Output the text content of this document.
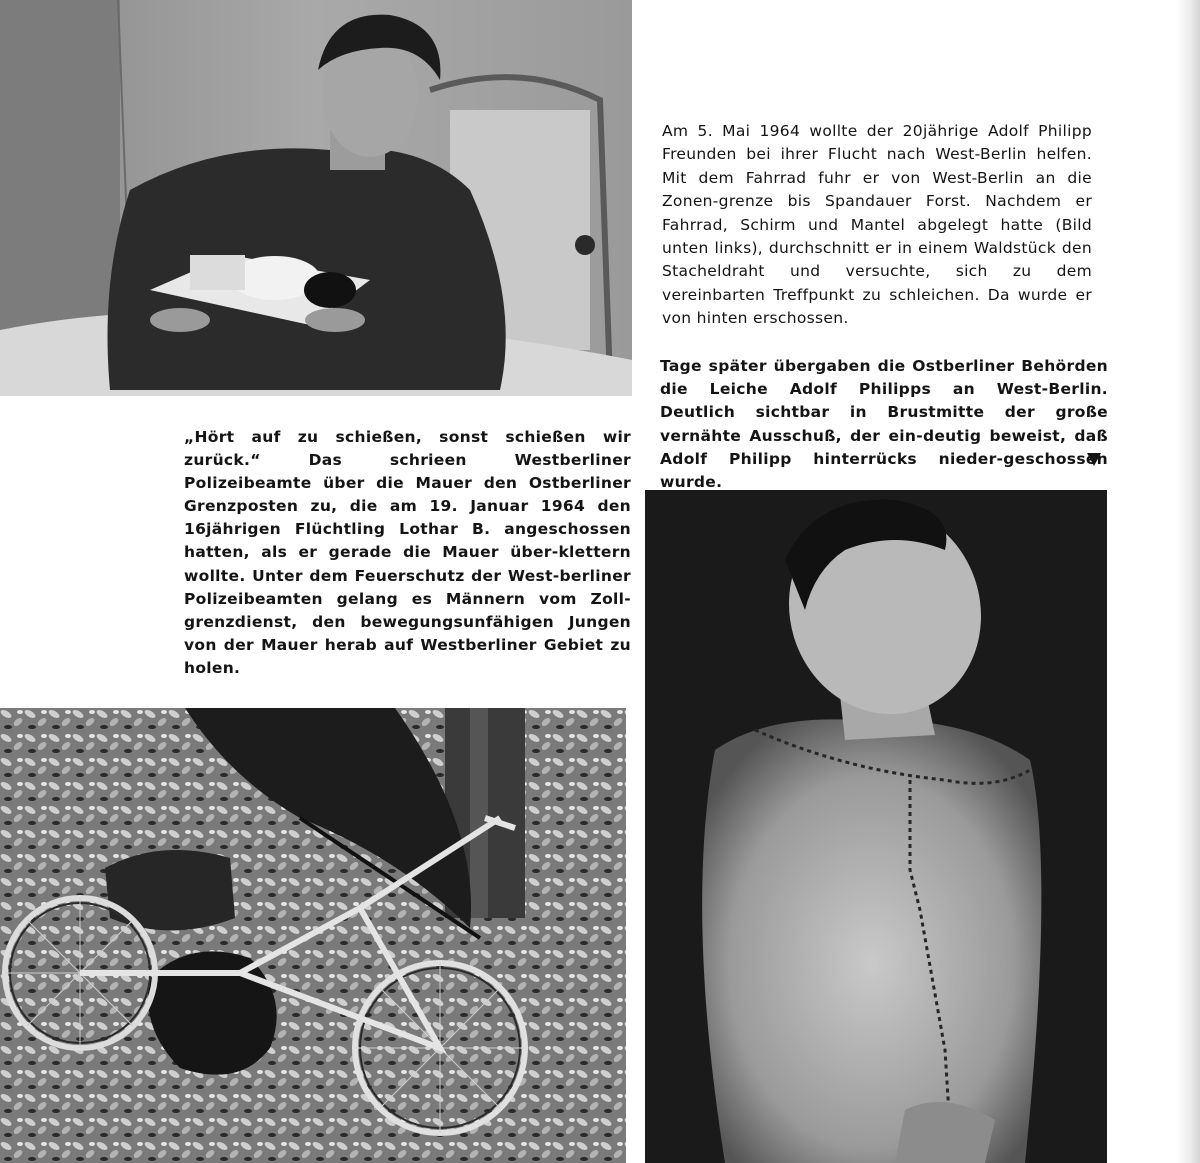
Am 5. Mai 1964 wollte der 20jährige Adolf Philipp Freunden bei ihrer Flucht nach West-Berlin helfen. Mit dem Fahrrad fuhr er von West-Berlin an die Zonen-grenze bis Spandauer Forst. Nachdem er Fahrrad, Schirm und Mantel abgelegt hatte (Bild unten links), durchschnitt er in einem Waldstück den Stacheldraht und versuchte, sich zu dem vereinbarten Treffpunkt zu schleichen. Da wurde er von hinten erschossen.

Tage später übergaben die Ostberliner Behörden die Leiche Adolf Philipps an West-Berlin. Deutlich sichtbar in Brustmitte der große vernähte Ausschuß, der ein-deutig beweist, daß Adolf Philipp hinterrücks nieder-geschossen wurde.

„Hört auf zu schießen, sonst schießen wir zurück.“ Das schrieen Westberliner Polizeibeamte über die Mauer den Ostberliner Grenzposten zu, die am 19. Januar 1964 den 16jährigen Flüchtling Lothar B. angeschossen hatten, als er gerade die Mauer über-klettern wollte. Unter dem Feuerschutz der West-berliner Polizeibeamten gelang es Männern vom Zoll-grenzdienst, den bewegungsunfähigen Jungen von der Mauer herab auf Westberliner Gebiet zu holen.
